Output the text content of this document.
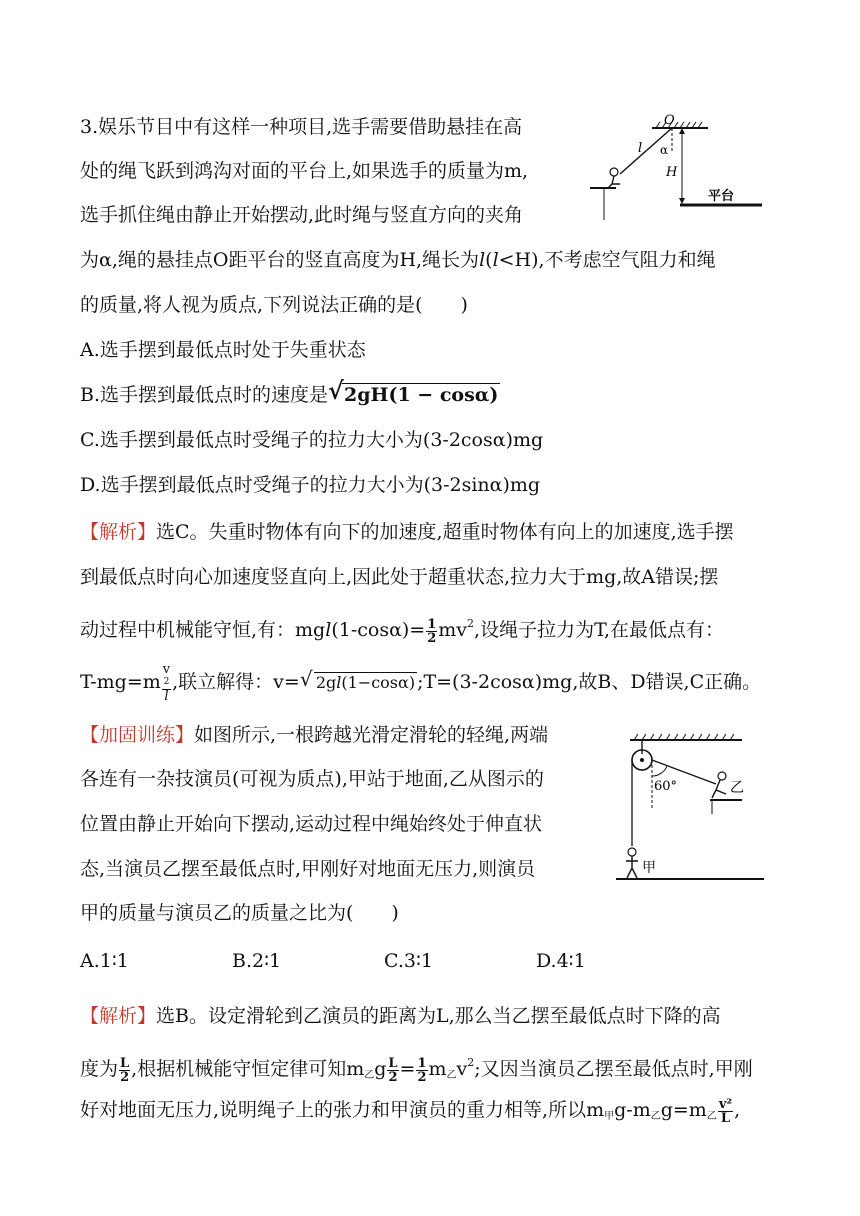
3.娱乐节目中有这样一种项目,选手需要借助悬挂在高
处的绳飞跃到鸿沟对面的平台上,如果选手的质量为m,
选手抓住绳由静止开始摆动,此时绳与竖直方向的夹角
为α,绳的悬挂点O距平台的竖直高度为H,绳长为l(l<H),不考虑空气阻力和绳
的质量,将人视为质点,下列说法正确的是(　　)
A.选手摆到最低点时处于失重状态
B.选手摆到最低点时的速度是 √ 2gH(1 − cosα)
C.选手摆到最低点时受绳子的拉力大小为(3-2cosα)mg
D.选手摆到最低点时受绳子的拉力大小为(3-2sinα)mg
O
l α
H
平台
【解析】选C。失重时物体有向下的加速度,超重时物体有向上的加速度,选手摆
到最低点时向心加速度竖直向上,因此处于超重状态,拉力大于mg,故A错误;摆
动过程中机械能守恒,有：$mgl(1-\cos\alpha)= \frac{1}{2} mv^2$,设绳子拉力为T,在最低点有：
T-mg=m v
2
l ,联立解得：v= √ 2gl(1−cosα) ;T=(3-2cosα)mg,故B、D错误,C正确。
【加固训练】如图所示,一根跨越光滑定滑轮的轻绳,两端
各连有一杂技演员(可视为质点),甲站于地面,乙从图示的
位置由静止开始向下摆动,运动过程中绳始终处于伸直状
态,当演员乙摆至最低点时,甲刚好对地面无压力,则演员
甲的质量与演员乙的质量之比为(　　)
A.1∶1	B.2∶1	C.3∶1	D.4∶1
60°	乙
甲
【解析】选B。设定滑轮到乙演员的距离为L,那么当乙摆至最低点时下降的高
度为 $\frac{L}{2}$ ,根据机械能守恒定律可知$m_乙g \frac{L}{2} = \frac{1}{2} m_乙v^2$;又因当演员乙摆至最低点时,甲刚
好对地面无压力,说明绳子上的张力和甲演员的重力相等,所以$m_甲g-m_乙g=m_乙 \frac{\text{v²}}{L}$ ,
